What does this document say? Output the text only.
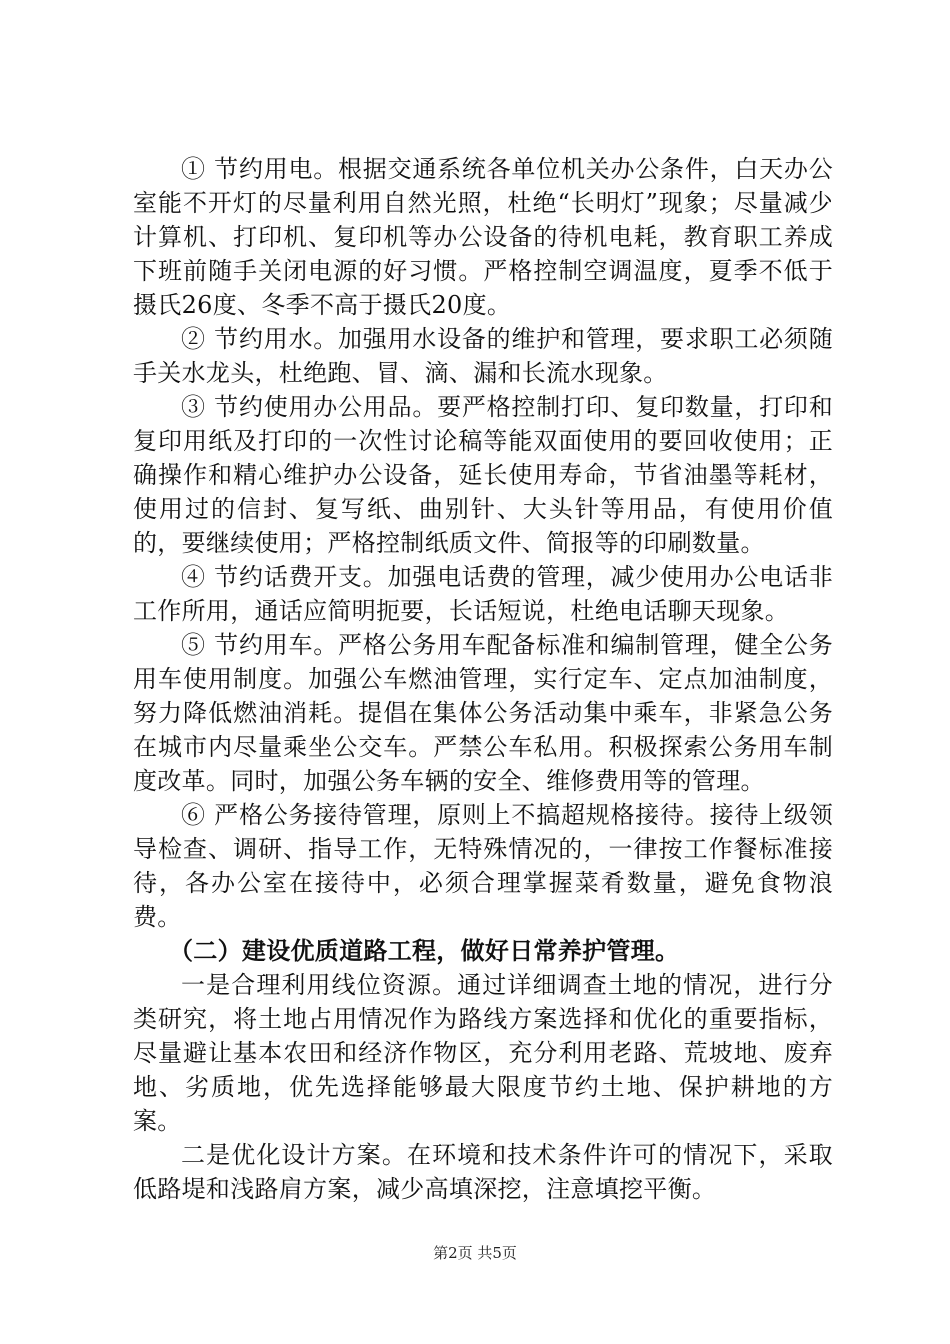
① 节约用电。根据交通系统各单位机关办公条件，白天办公室能不开灯的尽量利用自然光照，杜绝“长明灯”现象；尽量减少计算机、打印机、复印机等办公设备的待机电耗，教育职工养成下班前随手关闭电源的好习惯。严格控制空调温度，夏季不低于摄氏26度、冬季不高于摄氏20度。

② 节约用水。加强用水设备的维护和管理，要求职工必须随手关水龙头，杜绝跑、冒、滴、漏和长流水现象。

③ 节约使用办公用品。要严格控制打印、复印数量，打印和复印用纸及打印的一次性讨论稿等能双面使用的要回收使用；正确操作和精心维护办公设备，延长使用寿命，节省油墨等耗材，使用过的信封、复写纸、曲别针、大头针等用品，有使用价值的，要继续使用；严格控制纸质文件、简报等的印刷数量。

④ 节约话费开支。加强电话费的管理，减少使用办公电话非工作所用，通话应简明扼要，长话短说，杜绝电话聊天现象。

⑤ 节约用车。严格公务用车配备标准和编制管理，健全公务用车使用制度。加强公车燃油管理，实行定车、定点加油制度，努力降低燃油消耗。提倡在集体公务活动集中乘车，非紧急公务在城市内尽量乘坐公交车。严禁公车私用。积极探索公务用车制度改革。同时，加强公务车辆的安全、维修费用等的管理。

⑥ 严格公务接待管理，原则上不搞超规格接待。接待上级领导检查、调研、指导工作，无特殊情况的，一律按工作餐标准接待，各办公室在接待中，必须合理掌握菜肴数量，避免食物浪费。

（二）建设优质道路工程，做好日常养护管理。

一是合理利用线位资源。通过详细调查土地的情况，进行分类研究，将土地占用情况作为路线方案选择和优化的重要指标，尽量避让基本农田和经济作物区，充分利用老路、荒坡地、废弃地、劣质地，优先选择能够最大限度节约土地、保护耕地的方案。

二是优化设计方案。在环境和技术条件许可的情况下，采取低路堤和浅路肩方案，减少高填深挖，注意填挖平衡。

第2页 共5页
